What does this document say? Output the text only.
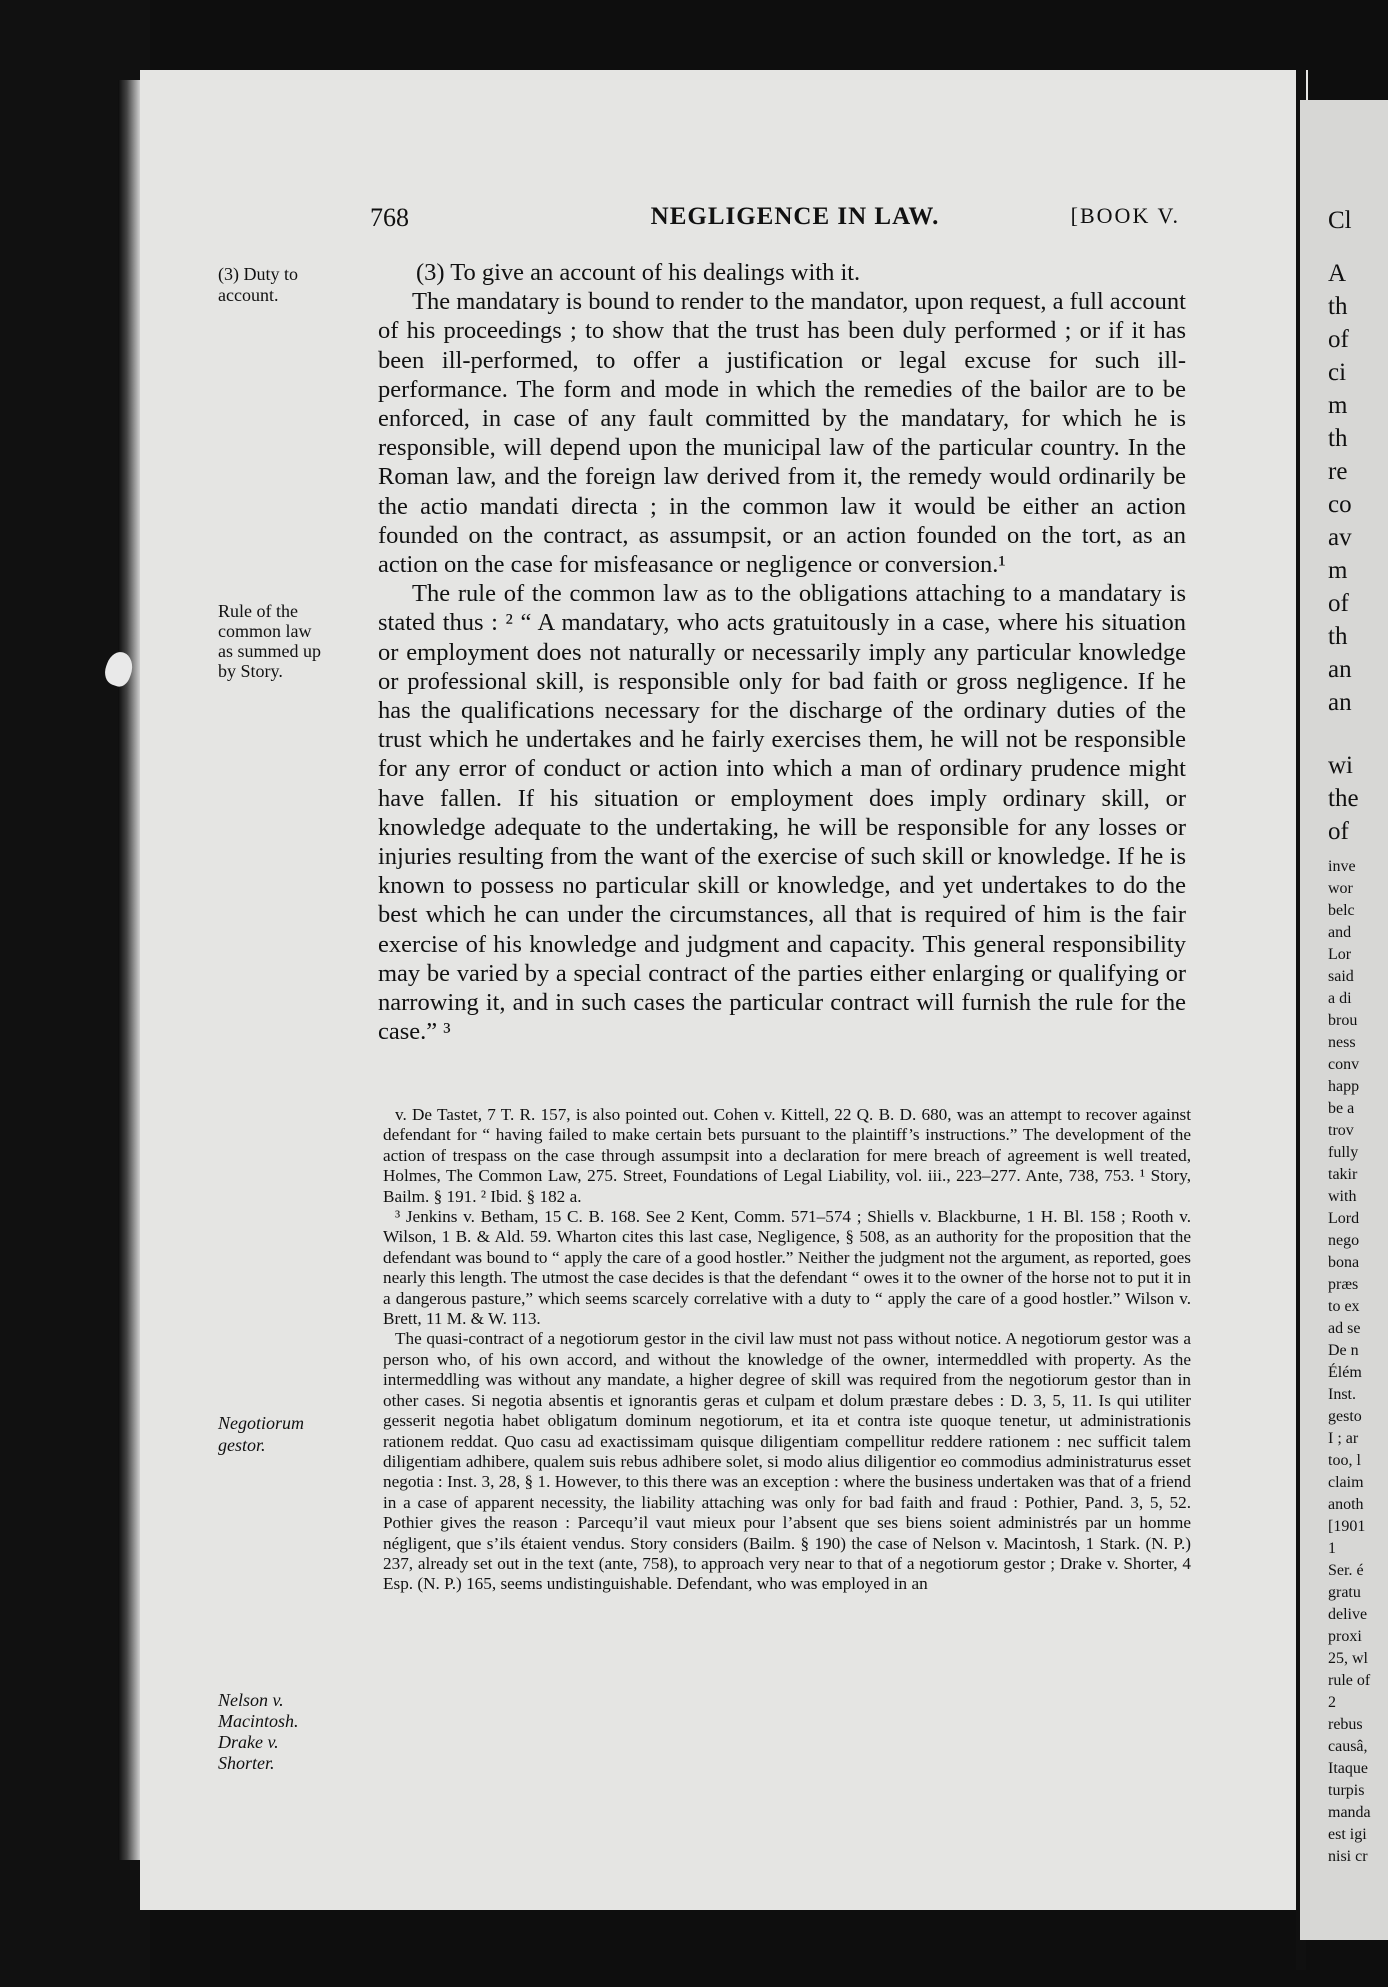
768	NEGLIGENCE IN LAW.	[BOOK V.
(3) Duty to
account.
Rule of the
common law
as summed up
by Story.
Negotiorum
gestor.
Nelson v.
Macintosh.
Drake v.
Shorter.

(3) To give an account of his dealings with it.

The mandatary is bound to render to the mandator, upon request, a full account of his proceedings ; to show that the trust has been duly performed ; or if it has been ill-performed, to offer a justification or legal excuse for such ill-performance. The form and mode in which the remedies of the bailor are to be enforced, in case of any fault committed by the mandatary, for which he is responsible, will depend upon the municipal law of the particular country. In the Roman law, and the foreign law derived from it, the remedy would ordinarily be the actio mandati directa ; in the common law it would be either an action founded on the contract, as assumpsit, or an action founded on the tort, as an action on the case for misfeasance or negligence or conversion.¹

The rule of the common law as to the obligations attaching to a mandatary is stated thus : ² “ A mandatary, who acts gratuitously in a case, where his situation or employment does not naturally or necessarily imply any particular knowledge or professional skill, is responsible only for bad faith or gross negligence. If he has the qualifications necessary for the discharge of the ordinary duties of the trust which he undertakes and he fairly exercises them, he will not be responsible for any error of conduct or action into which a man of ordinary prudence might have fallen. If his situation or employment does imply ordinary skill, or knowledge adequate to the undertaking, he will be responsible for any losses or injuries resulting from the want of the exercise of such skill or knowledge. If he is known to possess no particular skill or knowledge, and yet undertakes to do the best which he can under the circumstances, all that is required of him is the fair exercise of his knowledge and judgment and capacity. This general responsibility may be varied by a special contract of the parties either enlarging or qualifying or narrowing it, and in such cases the particular contract will furnish the rule for the case.” ³

v. De Tastet, 7 T. R. 157, is also pointed out. Cohen v. Kittell, 22 Q. B. D. 680, was an attempt to recover against defendant for “ having failed to make certain bets pursuant to the plaintiff’s instructions.” The development of the action of trespass on the case through assumpsit into a declaration for mere breach of agreement is well treated, Holmes, The Common Law, 275. Street, Foundations of Legal Liability, vol. iii., 223–277. Ante, 738, 753. ¹ Story, Bailm. § 191. ² Ibid. § 182 a.

³ Jenkins v. Betham, 15 C. B. 168. See 2 Kent, Comm. 571–574 ; Shiells v. Blackburne, 1 H. Bl. 158 ; Rooth v. Wilson, 1 B. & Ald. 59. Wharton cites this last case, Negligence, § 508, as an authority for the proposition that the defendant was bound to “ apply the care of a good hostler.” Neither the judgment not the argument, as reported, goes nearly this length. The utmost the case decides is that the defendant “ owes it to the owner of the horse not to put it in a dangerous pasture,” which seems scarcely correlative with a duty to “ apply the care of a good hostler.” Wilson v. Brett, 11 M. & W. 113.

The quasi-contract of a negotiorum gestor in the civil law must not pass without notice. A negotiorum gestor was a person who, of his own accord, and without the knowledge of the owner, intermeddled with property. As the intermeddling was without any mandate, a higher degree of skill was required from the negotiorum gestor than in other cases. Si negotia absentis et ignorantis geras et culpam et dolum præstare debes : D. 3, 5, 11. Is qui utiliter gesserit negotia habet obligatum dominum negotiorum, et ita et contra iste quoque tenetur, ut administrationis rationem reddat. Quo casu ad exactissimam quisque diligentiam compellitur reddere rationem : nec sufficit talem diligentiam adhibere, qualem suis rebus adhibere solet, si modo alius diligentior eo commodius administraturus esset negotia : Inst. 3, 28, § 1. However, to this there was an exception : where the business undertaken was that of a friend in a case of apparent necessity, the liability attaching was only for bad faith and fraud : Pothier, Pand. 3, 5, 52. Pothier gives the reason : Parcequ’il vaut mieux pour l’absent que ses biens soient administrés par un homme négligent, que s’ils étaient vendus. Story considers (Bailm. § 190) the case of Nelson v. Macintosh, 1 Stark. (N. P.) 237, already set out in the text (ante, 758), to approach very near to that of a negotiorum gestor ; Drake v. Shorter, 4 Esp. (N. P.) 165, seems undistinguishable. Defendant, who was employed in an

Cl
A
th
of
ci
m
th
re
co
av
m
of
th
an
an
wi
the
of
inve
wor
belc
and
Lor
said
a di
brou
ness
conv
happ
be a
trov
fully
takir
with
Lord
nego
bona
præs
to ex
ad se
De n
Élém
Inst.
gesto
I ; ar
too, l
claim
anoth
[1901
1
Ser. é
gratu
delive
proxi
25, wl
rule of
2
rebus
causâ,
Itaque
turpis
manda
est igi
nisi cr
